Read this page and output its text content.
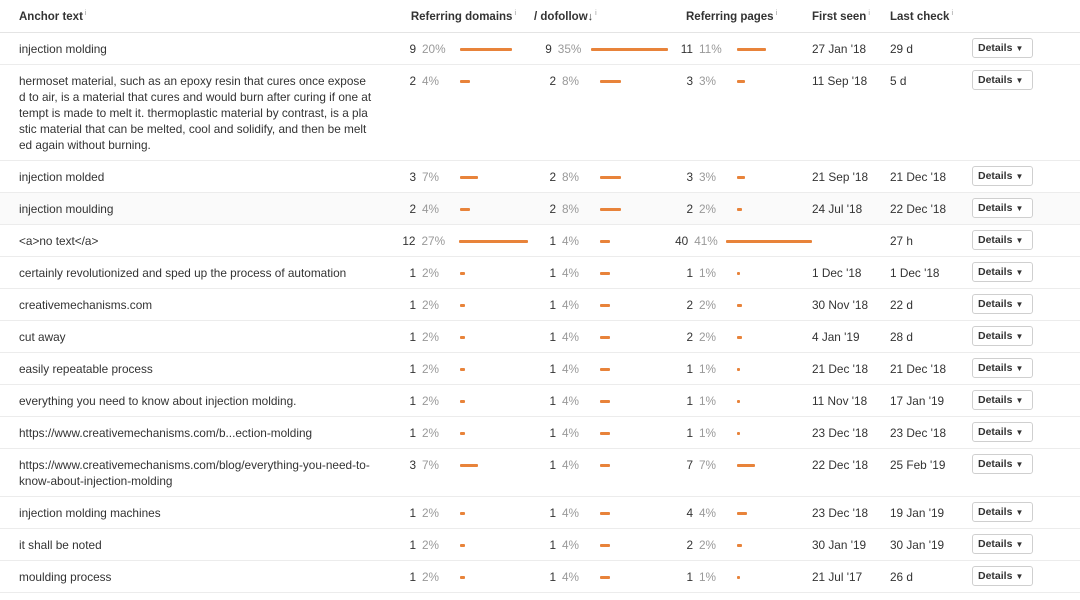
Anchor text i	Referring domains i	/ dofollow↓ i	Referring pages i	First seen i	Last check i	
injection molding	9 20%	9 35%	11 11%	27 Jan '18	29 d	Details ▼
hermoset material, such as an epoxy resin that cures once exposed to air, is a material that cures and would burn after curing if one attempt is made to melt it. thermoplastic material by contrast, is a plastic material that can be melted, cool and solidify, and then be melted again without burning.	2 4%	2 8%	3 3%	11 Sep '18	5 d	Details ▼
injection molded	3 7%	2 8%	3 3%	21 Sep '18	21 Dec '18	Details ▼
injection moulding	2 4%	2 8%	2 2%	24 Jul '18	22 Dec '18	Details ▼
<a>no text</a>	12 27%	1 4%	40 41%		27 h	Details ▼
certainly revolutionized and sped up the process of automation	1 2%	1 4%	1 1%	1 Dec '18	1 Dec '18	Details ▼
creativemechanisms.com	1 2%	1 4%	2 2%	30 Nov '18	22 d	Details ▼
cut away	1 2%	1 4%	2 2%	4 Jan '19	28 d	Details ▼
easily repeatable process	1 2%	1 4%	1 1%	21 Dec '18	21 Dec '18	Details ▼
everything you need to know about injection molding.	1 2%	1 4%	1 1%	11 Nov '18	17 Jan '19	Details ▼
https://www.creativemechanisms.com/b...ection-molding	1 2%	1 4%	1 1%	23 Dec '18	23 Dec '18	Details ▼
https://www.creativemechanisms.com/blog/everything-you-need-to-know-about-injection-molding	3 7%	1 4%	7 7%	22 Dec '18	25 Feb '19	Details ▼
injection molding machines	1 2%	1 4%	4 4%	23 Dec '18	19 Jan '19	Details ▼
it shall be noted	1 2%	1 4%	2 2%	30 Jan '19	30 Jan '19	Details ▼
moulding process	1 2%	1 4%	1 1%	21 Jul '17	26 d	Details ▼
